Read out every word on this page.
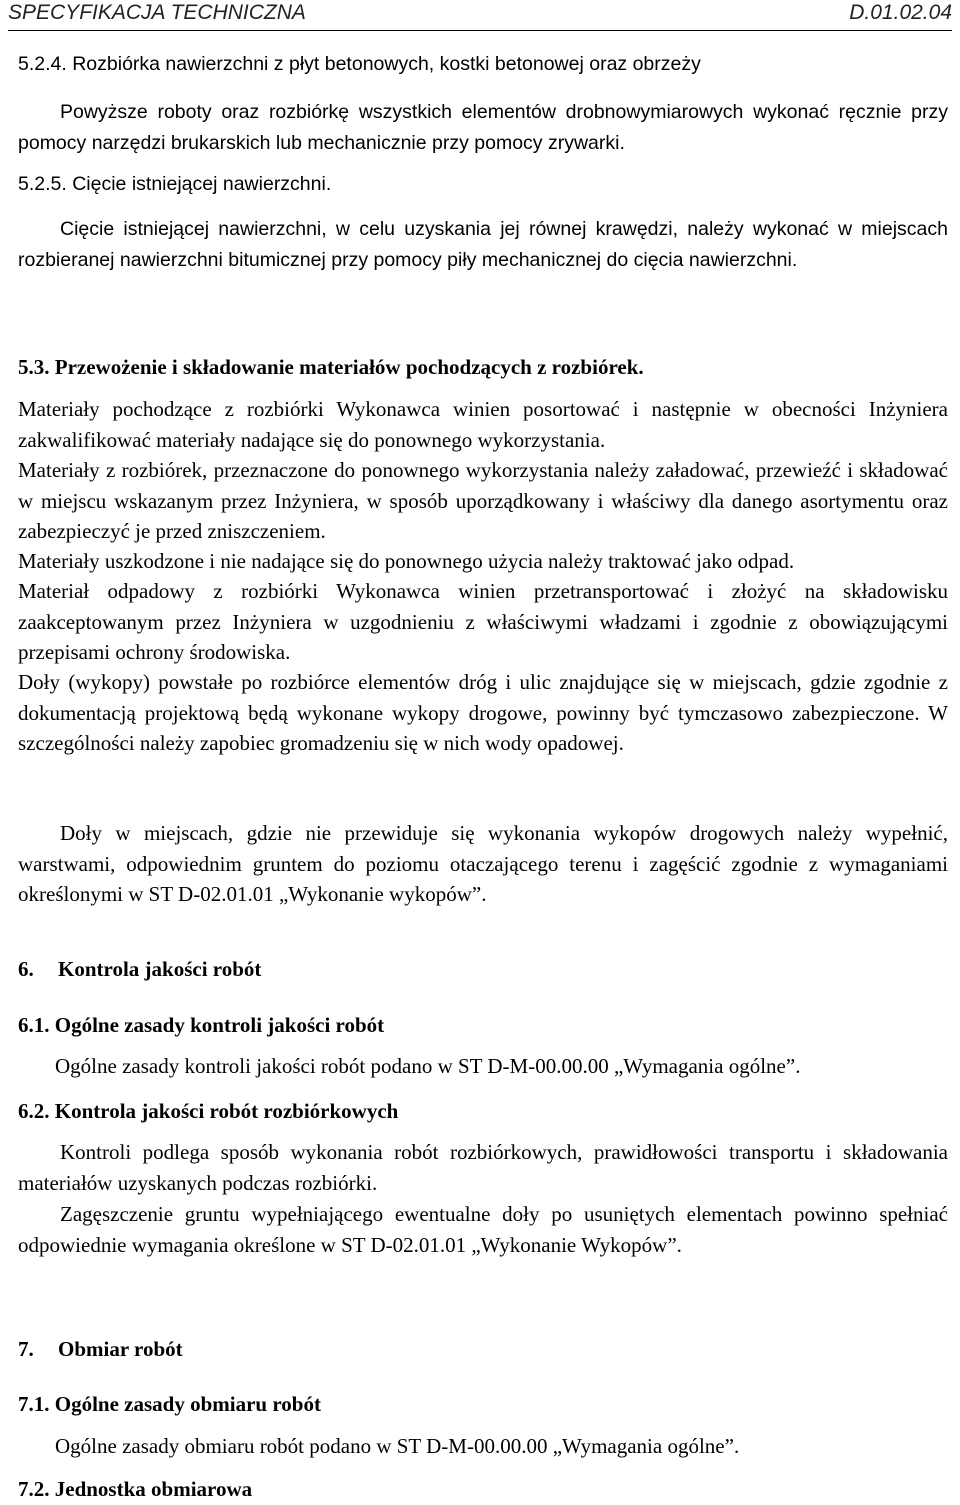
SPECYFIKACJA TECHNICZNA	D.01.02.04
5.2.4. Rozbiórka nawierzchni z płyt betonowych, kostki betonowej oraz obrzeży

Powyższe roboty oraz rozbiórkę wszystkich elementów drobnowymiarowych wykonać ręcznie przy pomocy narzędzi brukarskich lub mechanicznie przy pomocy zrywarki.

5.2.5. Cięcie istniejącej nawierzchni.

Cięcie istniejącej nawierzchni, w celu uzyskania jej równej krawędzi, należy wykonać w miejscach rozbieranej nawierzchni bitumicznej przy pomocy piły mechanicznej do cięcia nawierzchni.

5.3. Przewożenie i składowanie materiałów pochodzących z rozbiórek.

Materiały pochodzące z rozbiórki Wykonawca winien posortować i następnie w obecności Inżyniera zakwalifikować materiały nadające się do ponownego wykorzystania.

Materiały z rozbiórek, przeznaczone do ponownego wykorzystania należy załadować, przewieźć i składować w miejscu wskazanym przez Inżyniera, w sposób uporządkowany i właściwy dla danego asortymentu oraz zabezpieczyć je przed zniszczeniem.

Materiały uszkodzone i nie nadające się do ponownego użycia należy traktować jako odpad.

Materiał odpadowy z rozbiórki Wykonawca winien przetransportować i złożyć na składowisku zaakceptowanym przez Inżyniera w uzgodnieniu z właściwymi władzami i zgodnie z obowiązującymi przepisami ochrony środowiska.

Doły (wykopy) powstałe po rozbiórce elementów dróg i ulic znajdujące się w miejscach, gdzie zgodnie z dokumentacją projektową będą wykonane wykopy drogowe, powinny być tymczasowo zabezpieczone. W szczególności należy zapobiec gromadzeniu się w nich wody opadowej.

Doły w miejscach, gdzie nie przewiduje się wykonania wykopów drogowych należy wypełnić, warstwami, odpowiednim gruntem do poziomu otaczającego terenu i zagęścić zgodnie z wymaganiami określonymi w ST D-02.01.01 „Wykonanie wykopów”.

6. Kontrola jakości robót
6.1. Ogólne zasady kontroli jakości robót

Ogólne zasady kontroli jakości robót podano w ST D-M-00.00.00 „Wymagania ogólne”.

6.2. Kontrola jakości robót rozbiórkowych

Kontroli podlega sposób wykonania robót rozbiórkowych, prawidłowości transportu i składowania materiałów uzyskanych podczas rozbiórki.

Zagęszczenie gruntu wypełniającego ewentualne doły po usuniętych elementach powinno spełniać odpowiednie wymagania określone w ST D-02.01.01 „Wykonanie Wykopów”.

7. Obmiar robót
7.1. Ogólne zasady obmiaru robót

Ogólne zasady obmiaru robót podano w ST D-M-00.00.00 „Wymagania ogólne”.

7.2. Jednostka obmiarowa
